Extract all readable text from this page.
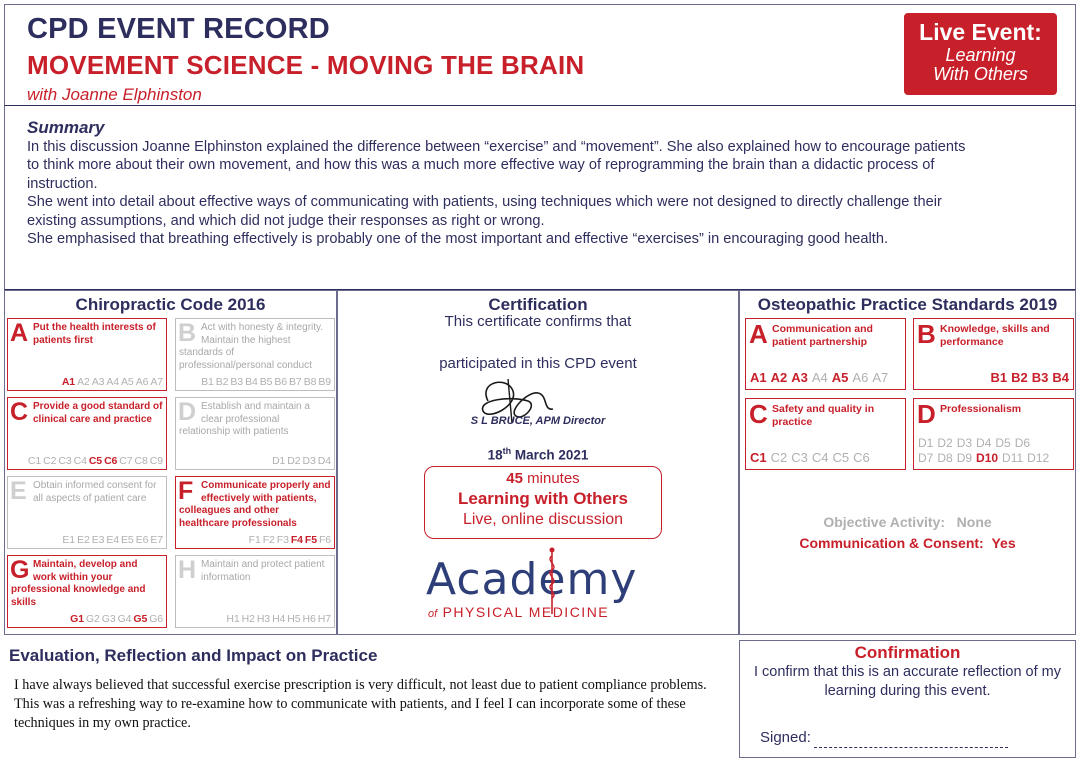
CPD EVENT RECORD
MOVEMENT SCIENCE - MOVING THE BRAIN
with Joanne Elphinston
Live Event:
Learning
With Others
Summary

In this discussion Joanne Elphinston explained the difference between “exercise” and “movement”. She also explained how to encourage patients

to think more about their own movement, and how this was a much more effective way of reprogramming the brain than a didactic process of

instruction.

She went into detail about effective ways of communicating with patients, using techniques which were not designed to directly challenge their

existing assumptions, and which did not judge their responses as right or wrong.

She emphasised that breathing effectively is probably one of the most important and effective “exercises” in encouraging good health.

Chiropractic Code 2016
A Put the health interests of patients first
A1 A2 A3 A4 A5 A6 A7
B Act with honesty & integrity. Maintain the highest standards of professional/personal conduct
B1 B2 B3 B4 B5 B6 B7 B8 B9
C Provide a good standard of clinical care and practice
C1 C2 C3 C4 C5 C6 C7 C8 C9
D Establish and maintain a clear professional relationship with patients
D1 D2 D3 D4
E Obtain informed consent for all aspects of patient care
E1 E2 E3 E4 E5 E6 E7
F Communicate properly and effectively with patients, colleagues and other healthcare professionals
F1 F2 F3 F4 F5 F6
G Maintain, develop and work within your professional knowledge and skills
G1 G2 G3 G4 G5 G6
H Maintain and protect patient information
H1 H2 H3 H4 H5 H6 H7
Certification
This certificate confirms that
participated in this CPD event
S L BRUCE, APM Director
18th March 2021
45 minutes
Learning with Others
Live, online discussion
Academy
of PHYSICAL MEDICINE
Osteopathic Practice Standards 2019
A Communication and patient partnership
A1 A2 A3 A4 A5 A6 A7
B Knowledge, skills and performance
B1 B2 B3 B4
C Safety and quality in practice
C1 C2 C3 C4 C5 C6
D Professionalism
D1 D2 D3 D4 D5 D6
D7 D8 D9 D10 D11 D12
Objective Activity: None
Communication & Consent: Yes
Evaluation, Reflection and Impact on Practice
I have always believed that successful exercise prescription is very difficult, not least due to patient compliance problems. This was a refreshing way to re-examine how to communicate with patients, and I feel I can incorporate some of these techniques in my own practice.
Confirmation
I confirm that this is an accurate reflection of my learning during this event.
Signed:
